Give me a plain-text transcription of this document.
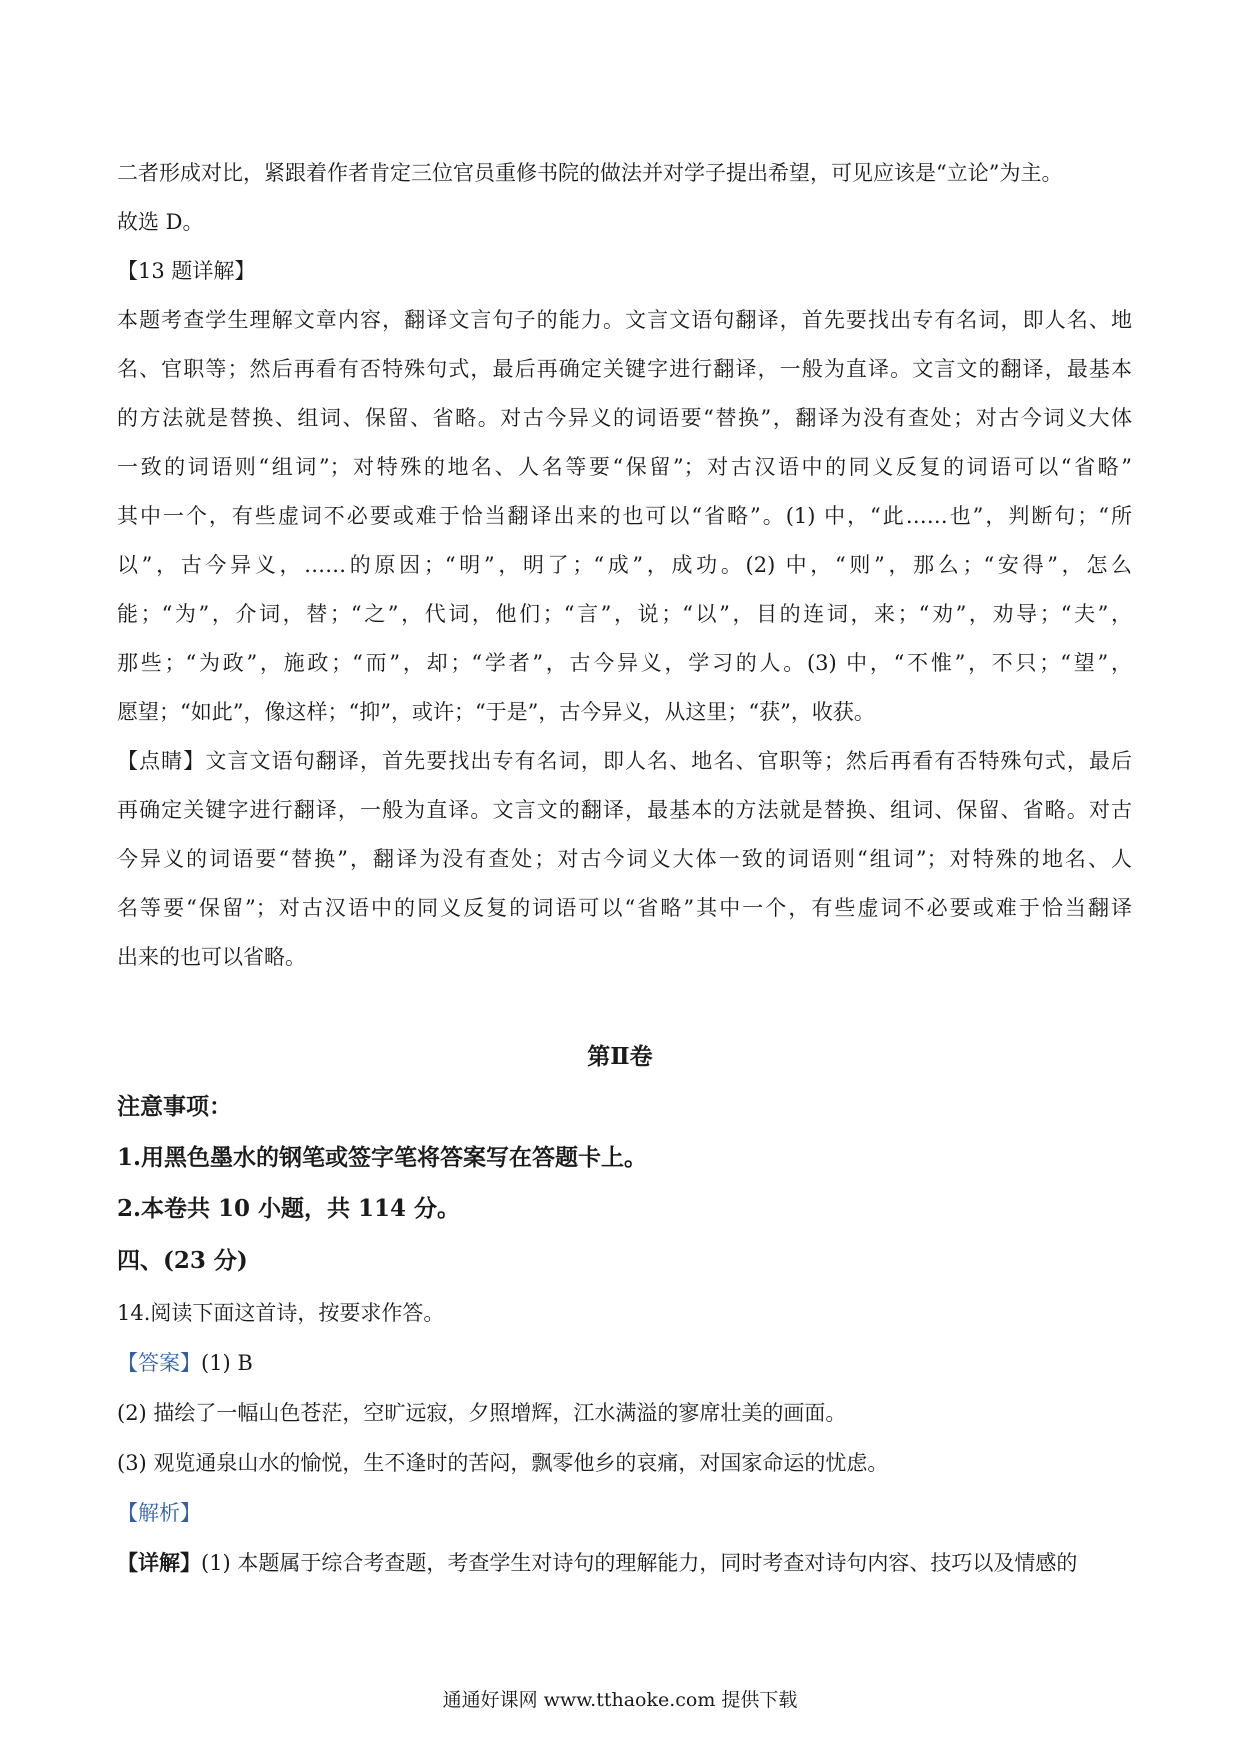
二者形成对比，紧跟着作者肯定三位官员重修书院的做法并对学子提出希望，可见应该是“立论”为主。
故选 D。
【13 题详解】
本题考查学生理解文章内容，翻译文言句子的能力。文言文语句翻译，首先要找出专有名词，即人名、地
名、官职等；然后再看有否特殊句式，最后再确定关键字进行翻译，一般为直译。文言文的翻译，最基本
的方法就是替换、组词、保留、省略。对古今异义的词语要“替换”，翻译为没有查处；对古今词义大体
一致的词语则“组词”；对特殊的地名、人名等要“保留”；对古汉语中的同义反复的词语可以“省略”
其中一个，有些虚词不必要或难于恰当翻译出来的也可以“省略”。(1) 中，“此……也”，判断句；“所
以”，古今异义，……的原因；“明”，明了；“成”，成功。(2) 中，“则”，那么；“安得”，怎么
能；“为”，介词，替；“之”，代词，他们；“言”，说；“以”，目的连词，来；“劝”，劝导；“夫”，
那些；“为政”，施政；“而”，却；“学者”，古今异义，学习的人。(3) 中，“不惟”，不只；“望”，
愿望；“如此”，像这样；“抑”，或许；“于是”，古今异义，从这里；“获”，收获。
【点睛】文言文语句翻译，首先要找出专有名词，即人名、地名、官职等；然后再看有否特殊句式，最后
再确定关键字进行翻译，一般为直译。文言文的翻译，最基本的方法就是替换、组词、保留、省略。对古
今异义的词语要“替换”，翻译为没有查处；对古今词义大体一致的词语则“组词”；对特殊的地名、人
名等要“保留”；对古汉语中的同义反复的词语可以“省略”其中一个，有些虚词不必要或难于恰当翻译
出来的也可以省略。
第Ⅱ卷
注意事项：
1.用黑色墨水的钢笔或签字笔将答案写在答题卡上。
2.本卷共 10 小题，共 114 分。
四、(23 分)
14.阅读下面这首诗，按要求作答。
【答案】(1) B
(2) 描绘了一幅山色苍茫，空旷远寂，夕照增辉，江水满溢的寥席壮美的画面。
(3) 观览通泉山水的愉悦，生不逢时的苦闷，飘零他乡的哀痛，对国家命运的忧虑。
【解析】
【详解】(1) 本题属于综合考查题，考查学生对诗句的理解能力，同时考查对诗句内容、技巧以及情感的
通通好课网 www.tthaoke.com 提供下载
